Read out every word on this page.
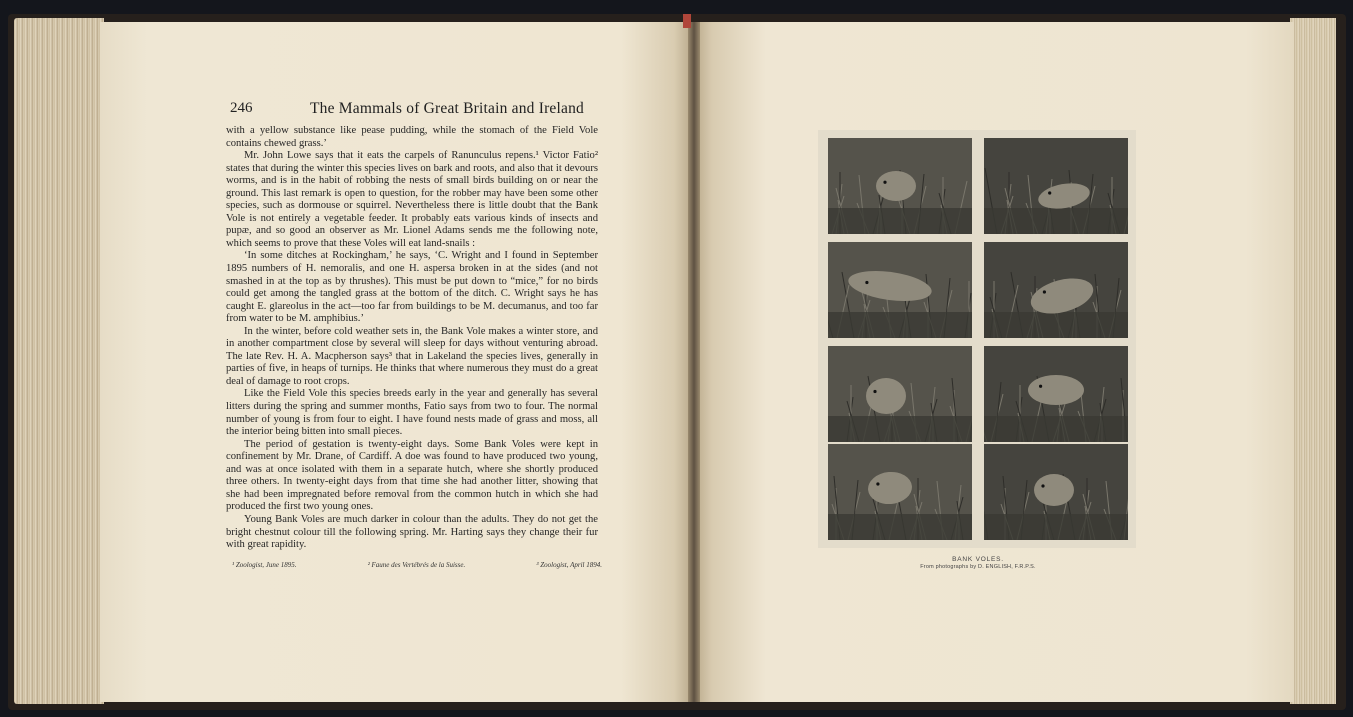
246	The Mammals of Great Britain and Ireland

with a yellow substance like pease pudding, while the stomach of the Field Vole contains chewed grass.’

Mr. John Lowe says that it eats the carpels of Ranunculus repens.¹ Victor Fatio² states that during the winter this species lives on bark and roots, and also that it devours worms, and is in the habit of robbing the nests of small birds building on or near the ground. This last remark is open to question, for the robber may have been some other species, such as dormouse or squirrel. Nevertheless there is little doubt that the Bank Vole is not entirely a vegetable feeder. It probably eats various kinds of insects and pupæ, and so good an observer as Mr. Lionel Adams sends me the following note, which seems to prove that these Voles will eat land-snails :

‘In some ditches at Rockingham,’ he says, ‘C. Wright and I found in September 1895 numbers of H. nemoralis, and one H. aspersa broken in at the sides (and not smashed in at the top as by thrushes). This must be put down to “mice,” for no birds could get among the tangled grass at the bottom of the ditch. C. Wright says he has caught E. glareolus in the act—too far from buildings to be M. decumanus, and too far from water to be M. amphibius.’

In the winter, before cold weather sets in, the Bank Vole makes a winter store, and in another compartment close by several will sleep for days without venturing abroad. The late Rev. H. A. Macpherson says³ that in Lakeland the species lives, generally in parties of five, in heaps of turnips. He thinks that where numerous they must do a great deal of damage to root crops.

Like the Field Vole this species breeds early in the year and generally has several litters during the spring and summer months, Fatio says from two to four. The normal number of young is from four to eight. I have found nests made of grass and moss, all the interior being bitten into small pieces.

The period of gestation is twenty-eight days. Some Bank Voles were kept in confinement by Mr. Drane, of Cardiff. A doe was found to have produced two young, and was at once isolated with them in a separate hutch, where she shortly produced three others. In twenty-eight days from that time she had another litter, showing that she had been impregnated before removal from the common hutch in which she had produced the first two young ones.

Young Bank Voles are much darker in colour than the adults. They do not get the bright chestnut colour till the following spring. Mr. Harting says they change their fur with great rapidity.

¹ Zoologist, June 1895.	² Faune des Vertébrés de la Suisse.	³ Zoologist, April 1894.
BANK VOLES.
From photographs by D. ENGLISH, F.R.P.S.
